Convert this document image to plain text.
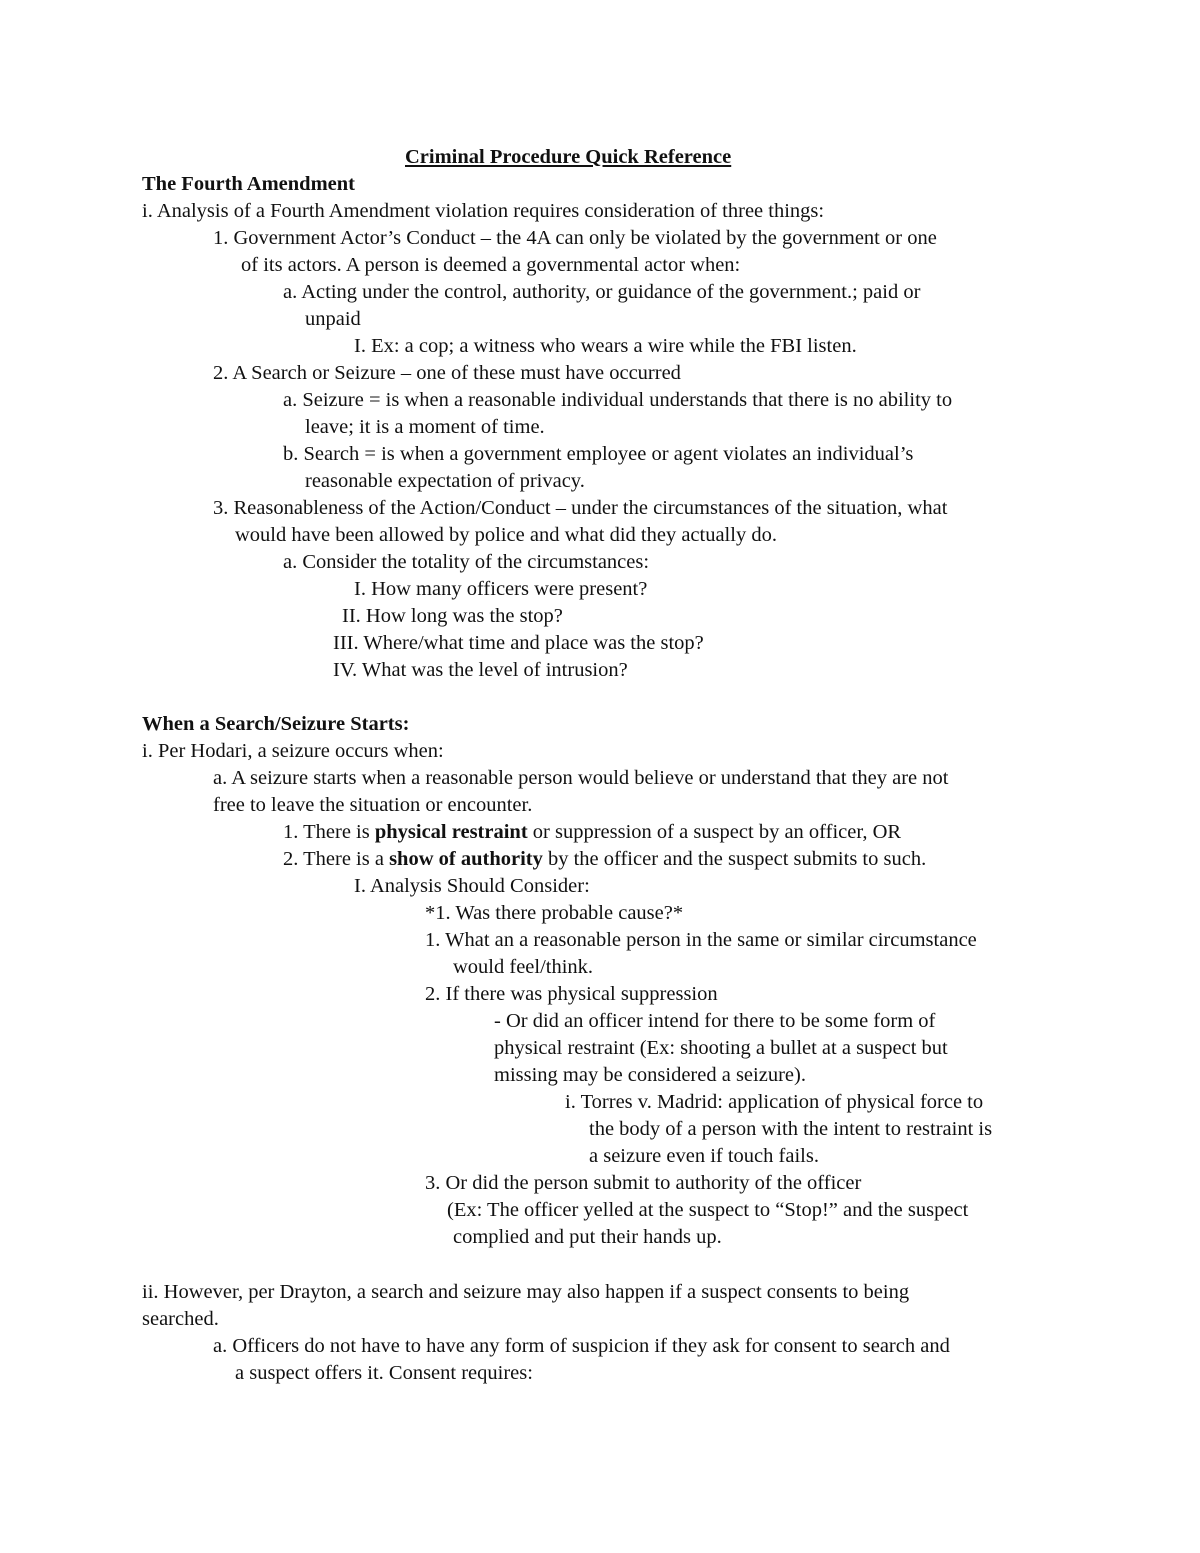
Criminal Procedure Quick Reference
The Fourth Amendment
i. Analysis of a Fourth Amendment violation requires consideration of three things:
1. Government Actor’s Conduct – the 4A can only be violated by the government or one
of its actors. A person is deemed a governmental actor when:
a. Acting under the control, authority, or guidance of the government.; paid or
unpaid
I. Ex: a cop; a witness who wears a wire while the FBI listen.
2. A Search or Seizure – one of these must have occurred
a. Seizure = is when a reasonable individual understands that there is no ability to
leave; it is a moment of time.
b. Search = is when a government employee or agent violates an individual’s
reasonable expectation of privacy.
3. Reasonableness of the Action/Conduct – under the circumstances of the situation, what
would have been allowed by police and what did they actually do.
a. Consider the totality of the circumstances:
I. How many officers were present?
II. How long was the stop?
III. Where/what time and place was the stop?
IV. What was the level of intrusion?
When a Search/Seizure Starts:
i. Per Hodari, a seizure occurs when:
a. A seizure starts when a reasonable person would believe or understand that they are not
free to leave the situation or encounter.
1. There is physical restraint or suppression of a suspect by an officer, OR
2. There is a show of authority by the officer and the suspect submits to such.
I. Analysis Should Consider:
*1. Was there probable cause?*
1. What an a reasonable person in the same or similar circumstance
would feel/think.
2. If there was physical suppression
- Or did an officer intend for there to be some form of
physical restraint (Ex: shooting a bullet at a suspect but
missing may be considered a seizure).
i. Torres v. Madrid: application of physical force to
the body of a person with the intent to restraint is
a seizure even if touch fails.
3. Or did the person submit to authority of the officer
(Ex: The officer yelled at the suspect to “Stop!” and the suspect
complied and put their hands up.
ii. However, per Drayton, a search and seizure may also happen if a suspect consents to being
searched.
a. Officers do not have to have any form of suspicion if they ask for consent to search and
a suspect offers it. Consent requires:
